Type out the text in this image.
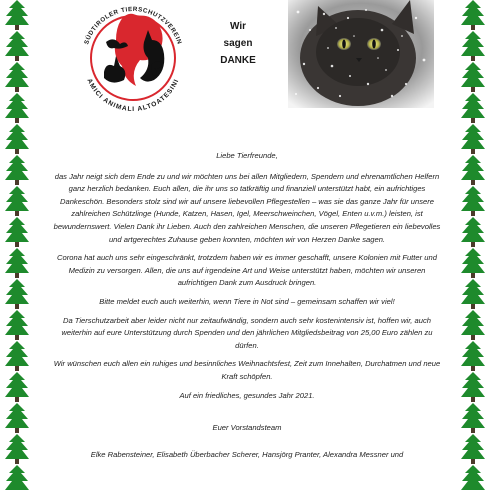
SÜDTIROLER TIERSCHUTZVEREIN
AMICI ANIMALI ALTOATESINI
Wir
sagen
DANKE

Liebe Tierfreunde,

das Jahr neigt sich dem Ende zu und wir möchten uns bei allen Mitgliedern, Spendern und ehrenamtlichen Helfern ganz herzlich bedanken. Euch allen, die ihr uns so tatkräftig und finanziell unterstützt habt, ein aufrichtiges Dankeschön. Besonders stolz sind wir auf unsere liebevollen Pflegestellen – was sie das ganze Jahr für unsere zahlreichen Schützlinge (Hunde, Katzen, Hasen, Igel, Meerschweinchen, Vögel, Enten u.v.m.) leisten, ist bewundernswert. Vielen Dank ihr Lieben. Auch den zahlreichen Menschen, die unseren Pflegetieren ein liebevolles und artgerechtes Zuhause geben konnten, möchten wir von Herzen Danke sagen.

Corona hat auch uns sehr eingeschränkt, trotzdem haben wir es immer geschafft, unsere Kolonien mit Futter und Medizin zu versorgen. Allen, die uns auf irgendeine Art und Weise unterstützt haben, möchten wir unseren aufrichtigen Dank zum Ausdruck bringen.

Bitte meldet euch auch weiterhin, wenn Tiere in Not sind – gemeinsam schaffen wir viel!

Da Tierschutzarbeit aber leider nicht nur zeitaufwändig, sondern auch sehr kostenintensiv ist, hoffen wir, auch weiterhin auf eure Unterstützung durch Spenden und den jährlichen Mitgliedsbeitrag von 25,00 Euro zählen zu dürfen.

Wir wünschen euch allen ein ruhiges und besinnliches Weihnachtsfest, Zeit zum Innehalten, Durchatmen und neue Kraft schöpfen.

Auf ein friedliches, gesundes Jahr 2021.

Euer Vorstandsteam

Elke Rabensteiner, Elisabeth Überbacher Scherer, Hansjörg Pranter, Alexandra Messner und
